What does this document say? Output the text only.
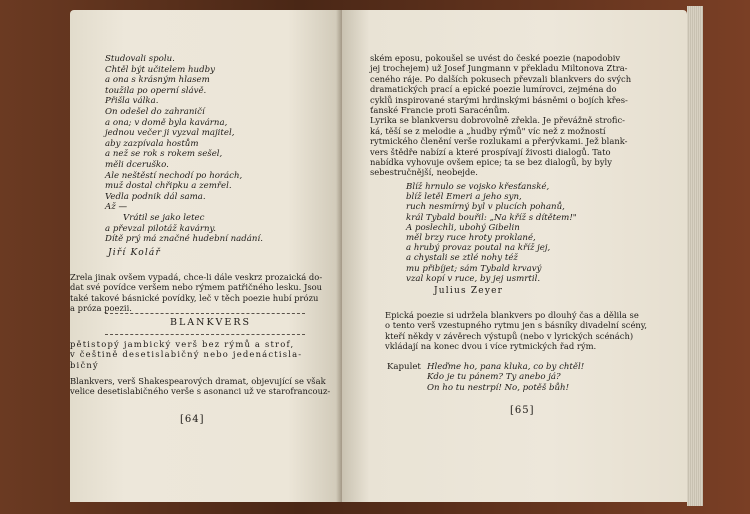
Studovali spolu.
Chtěl být učitelem hudby
a ona s krásným hlasem
toužila po operní slávě.
Přišla válka.
On odešel do zahraničí
a ona; v domě byla kavárna,
jednou večer ji vyzval majitel,
aby zazpívala hostům
a než se rok s rokem sešel,
měli dceruško.
Ale neštěstí nechodí po horách,
muž dostal chřipku a zemřel.
Vedla podnik dál sama.
Až —
Vrátil se jako letec
a převzal pilotáž kavárny.
Dítě prý má značné hudební nadání.
Jiří Kolář
Zrela jinak ovšem vypadá, chce-li dále veskrz prozaická do-
dat své povídce veršem nebo rýmem patřičného lesku. Jsou
také takové básnické povídky, leč v těch poezie hubí prózu
a próza poezii.
BLANKVERS
pětistopý jambický verš bez rýmů a strof,
v češtině desetislabičný nebo jedenáctisla-
bičný
Blankvers, verš Shakespearových dramat, objevující se však
velice desetislabičného verše s asonanci už ve starofrancouz-
[64]
ském eposu, pokoušel se uvést do české poezie (napodobiv
jej trochejem) už Josef Jungmann v překladu Miltonova Ztra-
ceného ráje. Po dalších pokusech převzali blankvers do svých
dramatických prací a epické poezie lumírovci, zejména do
cyklů inspirované starými hrdinskými básněmi o bojích křes-
ťanské Francie proti Saracénům.
Lyrika se blankversu dobrovolně zřekla. Je převážně strofic-
ká, těší se z melodie a „hudby rýmů" víc než z možností
rytmického členění verše rozlukami a přerývkami. Jež blank-
vers štědře nabízí a které prospívají živosti dialogů. Tato
nabídka vyhovuje ovšem epice; ta se bez dialogů, by byly
sebestručnější, neobejde.
Blíž hrnulo se vojsko křesťanské,
blíž letěl Emeri a jeho syn,
ruch nesmírný byl v plucích pohanů,
král Tybald bouřil: „Na kříž s dítětem!"
A poslechli, ubohý Gibelin
měl brzy ruce hroty proklané,
a hrubý provaz poutal na kříž jej,
a chystali se ztlé nohy též
mu přibíjet; sám Tybald krvavý
vzal kopí v ruce, by jej usmrtil.
Julius Zeyer
Epická poezie si udržela blankvers po dlouhý čas a dělila se
o tento verš vzestupného rytmu jen s básníky divadelní scény,
kteří někdy v závěrech výstupů (nebo v lyrických scénách)
vkládají na konec dvou i více rytmických řad rým.
Kapulet Hleďme ho, pana kluka, co by chtěl!
Kdo je tu pánem? Ty anebo já?
On ho tu nestrpí! No, potěš bůh!
[65]
